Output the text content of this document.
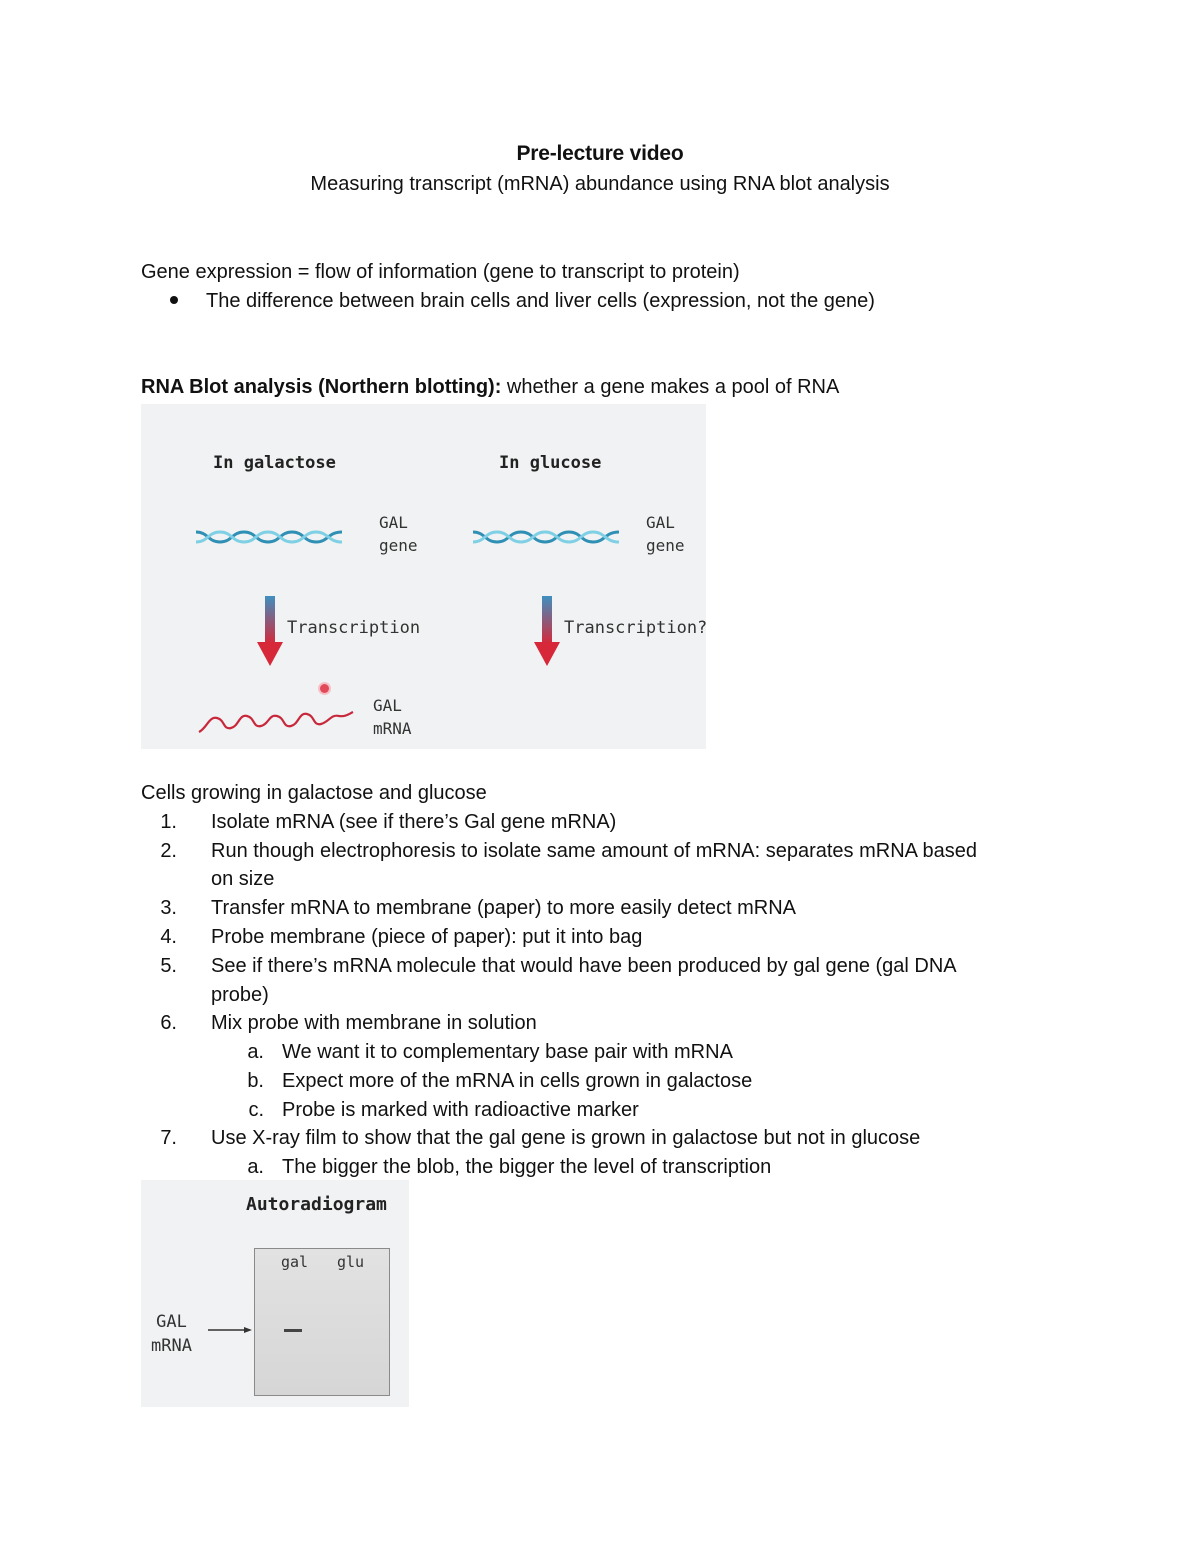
Pre-lecture video
Measuring transcript (mRNA) abundance using RNA blot analysis
Gene expression = flow of information (gene to transcript to protein)
The difference between brain cells and liver cells (expression, not the gene)
RNA Blot analysis (Northern blotting): whether a gene makes a pool of RNA
In galactose	In glucose
GAL
gene
GAL
gene
Transcription	Transcription?
GAL
mRNA
Cells growing in galactose and glucose
1. Isolate mRNA (see if there’s Gal gene mRNA)
2. Run though electrophoresis to isolate same amount of mRNA: separates mRNA based
on size
3. Transfer mRNA to membrane (paper) to more easily detect mRNA
4. Probe membrane (piece of paper): put it into bag
5. See if there’s mRNA molecule that would have been produced by gal gene (gal DNA
probe)
6. Mix probe with membrane in solution
a. We want it to complementary base pair with mRNA
b. Expect more of the mRNA in cells grown in galactose
c. Probe is marked with radioactive marker
7. Use X-ray film to show that the gal gene is grown in galactose but not in glucose
a. The bigger the blob, the bigger the level of transcription
Autoradiogram
gal glu
GAL
mRNA
